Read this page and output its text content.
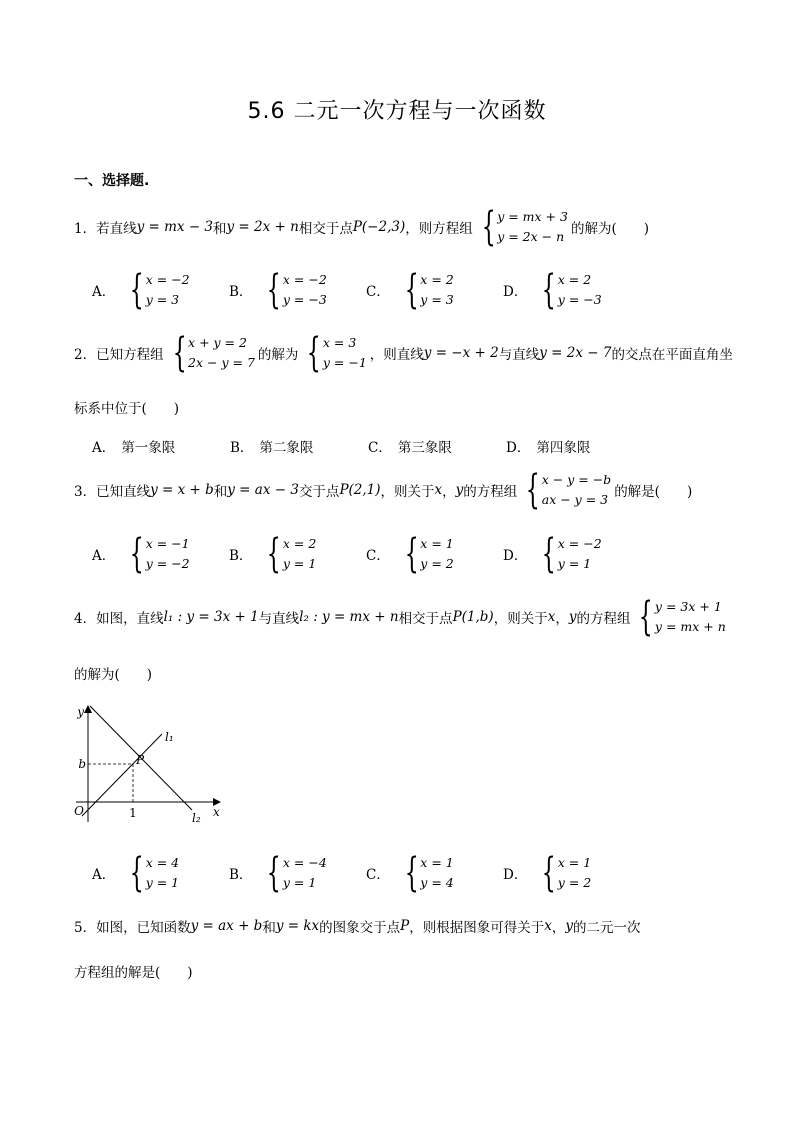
5.6 二元一次方程与一次函数
一、选择题.
1． 若直线 y = mx − 3 和 y = 2x + n 相交于点 P(−2,3) ，则方程组 { y = mx + 3
y = 2x − n 的解为(　　)
A． { x = −2
y = 3	B． { x = −2
y = −3	C． { x = 2
y = 3	D． { x = 2
y = −3
2． 已知方程组 { x + y = 2
2x − y = 7 的解为 { x = 3
y = −1 ，则直线 y = −x + 2 与直线 y = 2x − 7 的交点在平面直角坐
标系中位于(　　)
A． 第一象限	B． 第二象限	C． 第三象限	D． 第四象限
3． 已知直线 y = x + b 和 y = ax − 3 交于点 P(2,1) ，则关于 x ， y 的方程组 { x − y = −b
ax − y = 3 的解是(　　)
A． { x = −1
y = −2	B． { x = 2
y = 1	C． { x = 1
y = 2	D． { x = −2
y = 1
4． 如图，直线 l₁ : y = 3x + 1 与直线 l₂ : y = mx + n 相交于点 P(1,b) ，则关于 x ， y 的方程组 { y = 3x + 1
y = mx + n
的解为(　　)
y
x
b	P
O	1
l₁
l₂
A． { x = 4
y = 1	B． { x = −4
y = 1	C． { x = 1
y = 4	D． { x = 1
y = 2
5． 如图，已知函数 y = ax + b 和 y = kx 的图象交于点 P ，则根据图象可得关于 x ， y 的二元一次
方程组的解是(　　)
